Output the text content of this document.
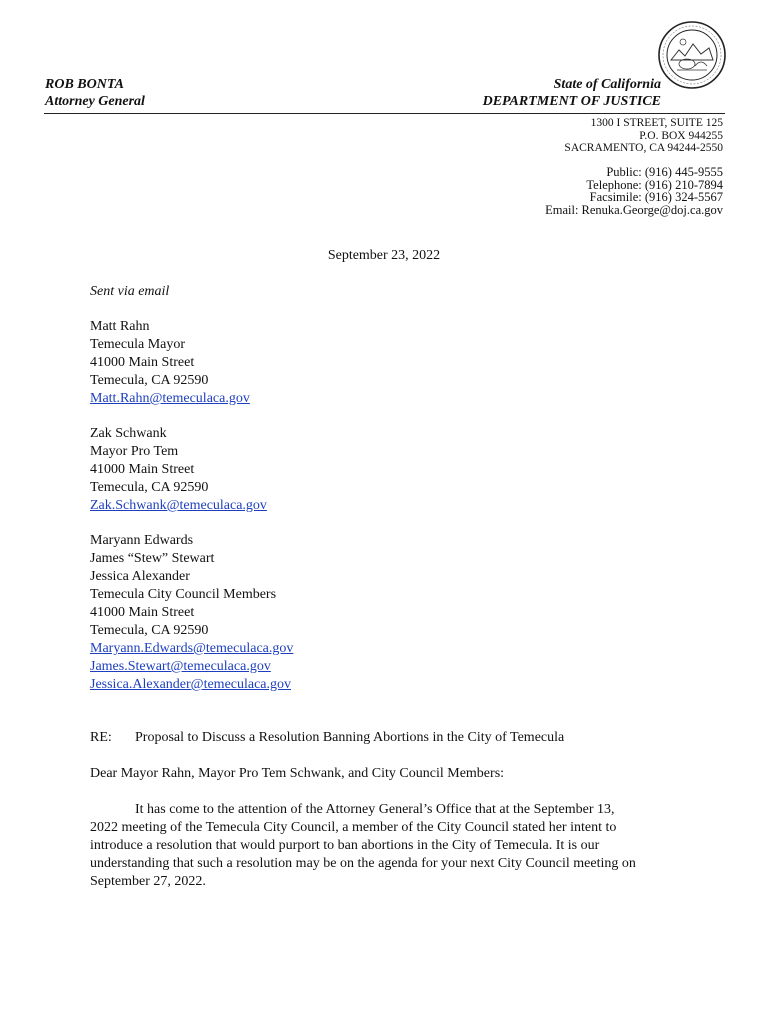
ROB BONTA
Attorney General
State of California
DEPARTMENT OF JUSTICE
1300 I STREET, SUITE 125
P.O. BOX 944255
SACRAMENTO, CA 94244-2550
Public: (916) 445-9555
Telephone: (916) 210-7894
Facsimile: (916) 324-5567
Email: Renuka.George@doj.ca.gov
September 23, 2022
Sent via email
Matt Rahn
Temecula Mayor
41000 Main Street
Temecula, CA 92590
Matt.Rahn@temeculaca.gov
Zak Schwank
Mayor Pro Tem
41000 Main Street
Temecula, CA 92590
Zak.Schwank@temeculaca.gov
Maryann Edwards
James “Stew” Stewart
Jessica Alexander
Temecula City Council Members
41000 Main Street
Temecula, CA 92590
Maryann.Edwards@temeculaca.gov
James.Stewart@temeculaca.gov
Jessica.Alexander@temeculaca.gov
RE: Proposal to Discuss a Resolution Banning Abortions in the City of Temecula
Dear Mayor Rahn, Mayor Pro Tem Schwank, and City Council Members:
It has come to the attention of the Attorney General’s Office that at the September 13,
2022 meeting of the Temecula City Council, a member of the City Council stated her intent to
introduce a resolution that would purport to ban abortions in the City of Temecula. It is our
understanding that such a resolution may be on the agenda for your next City Council meeting on
September 27, 2022.
